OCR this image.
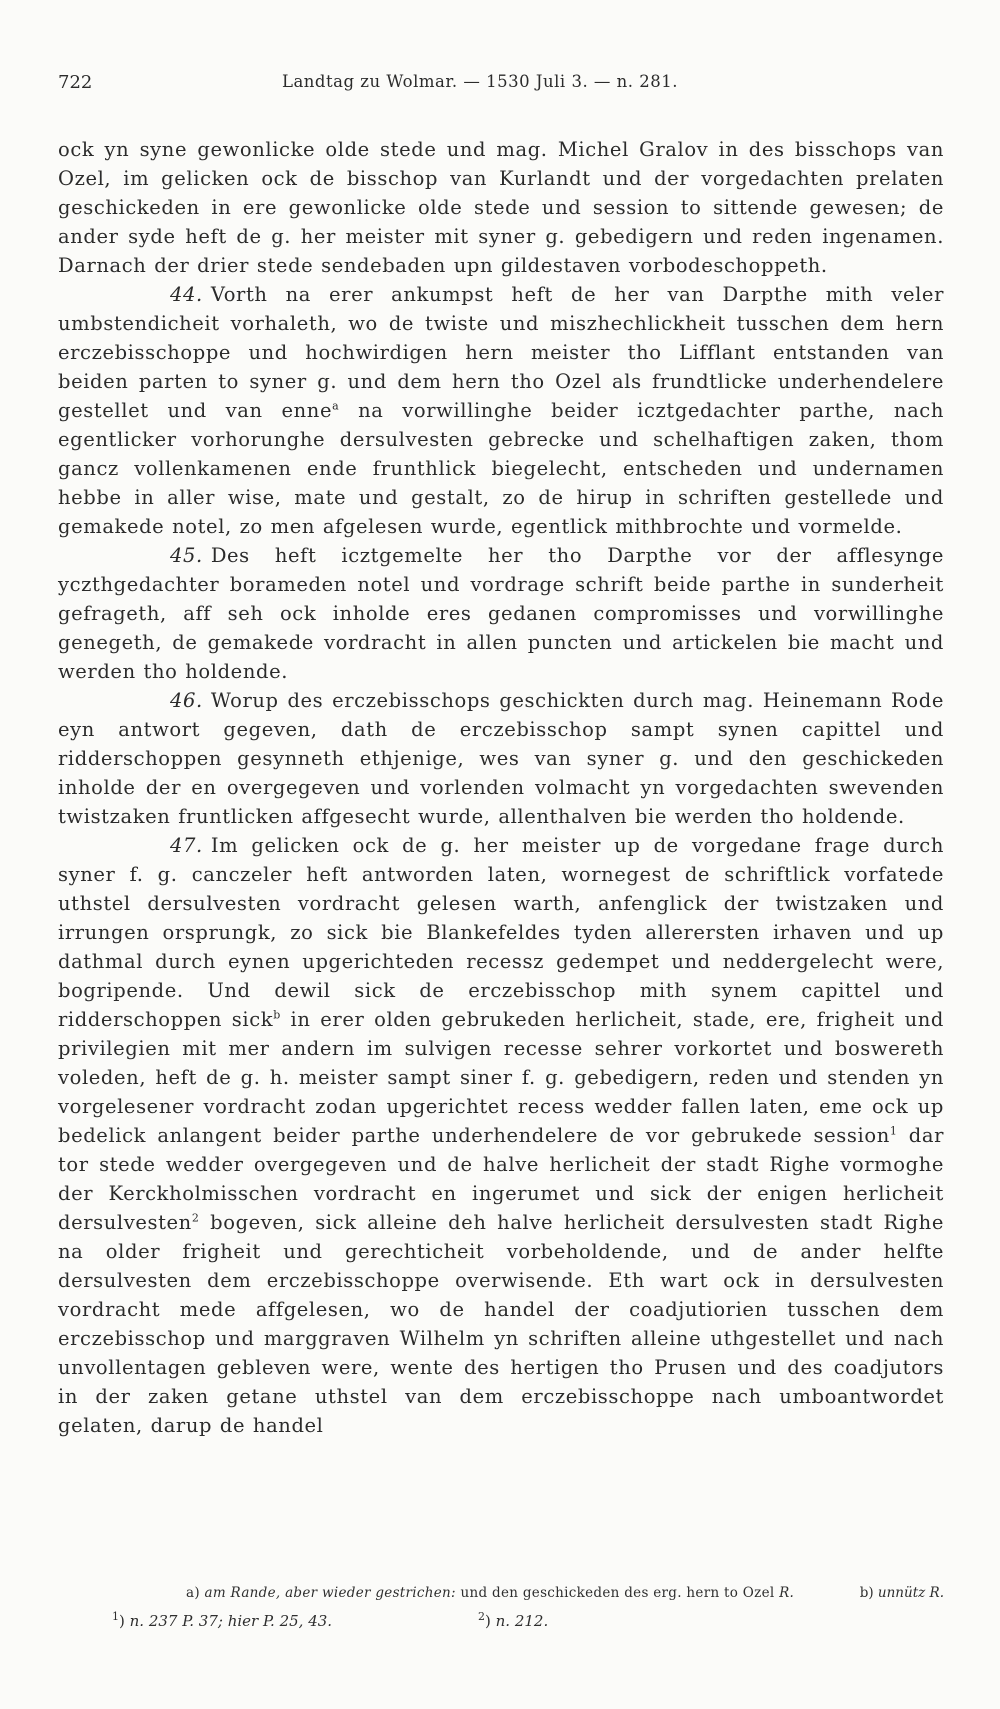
722	Landtag zu Wolmar. — 1530 Juli 3. — n. 281.

ock yn syne gewonlicke olde stede und mag. Michel Gralov in des bisschops van Ozel, im gelicken ock de bisschop van Kurlandt und der vorgedachten prelaten geschickeden in ere gewonlicke olde stede und session to sittende gewesen; de ander syde heft de g. her meister mit syner g. gebedigern und reden ingenamen. Darnach der drier stede sendebaden upn gildestaven vorbodeschoppeth.

44. Vorth na erer ankumpst heft de her van Darpthe mith veler umbstendicheit vorhaleth, wo de twiste und miszhechlickheit tusschen dem hern erczebisschoppe und hochwirdigen hern meister tho Lifflant entstanden van beiden parten to syner g. und dem hern tho Ozel als frundtlicke underhendelere gestellet und van enne$^a$ na vorwillinghe beider icztgedachter parthe, nach egentlicker vorhorunghe dersulvesten gebrecke und schelhaftigen zaken, thom gancz vollenkamenen ende frunthlick biegelecht, entscheden und undernamen hebbe in aller wise, mate und gestalt, zo de hirup in schriften gestellede und gemakede notel, zo men afgelesen wurde, egentlick mithbrochte und vormelde.

45. Des heft icztgemelte her tho Darpthe vor der afflesynge yczthgedachter borameden notel und vordrage schrift beide parthe in sunderheit gefrageth, aff seh ock inholde eres gedanen compromisses und vorwillinghe genegeth, de gemakede vordracht in allen puncten und artickelen bie macht und werden tho holdende.

46. Worup des erczebisschops geschickten durch mag. Heinemann Rode eyn antwort gegeven, dath de erczebisschop sampt synen capittel und ridderschoppen gesynneth ethjenige, wes van syner g. und den geschickeden inholde der en overgegeven und vorlenden volmacht yn vorgedachten swevenden twistzaken fruntlicken affgesecht wurde, allenthalven bie werden tho holdende.

47. Im gelicken ock de g. her meister up de vorgedane frage durch syner f. g. canczeler heft antworden laten, wornegest de schriftlick vorfatede uthstel dersulvesten vordracht gelesen warth, anfenglick der twistzaken und irrungen orsprungk, zo sick bie Blankefeldes tyden allerersten irhaven und up dathmal durch eynen upgerichteden recessz gedempet und neddergelecht were, bogripende. Und dewil sick de erczebisschop mith synem capittel und ridderschoppen sick$^b$ in erer olden gebrukeden herlicheit, stade, ere, frigheit und privilegien mit mer andern im sulvigen recesse sehrer vorkortet und boswereth voleden, heft de g. h. meister sampt siner f. g. gebedigern, reden und stenden yn vorgelesener vordracht zodan upgerichtet recess wedder fallen laten, eme ock up bedelick anlangent beider parthe underhendelere de vor gebrukede session$^1$ dar tor stede wedder overgegeven und de halve herlicheit der stadt Righe vormoghe der Kerckholmisschen vordracht en ingerumet und sick der enigen herlicheit dersulvesten$^2$ bogeven, sick alleine deh halve herlicheit dersulvesten stadt Righe na older frigheit und gerechticheit vorbeholdende, und de ander helfte dersulvesten dem erczebisschoppe overwisende. Eth wart ock in dersulvesten vordracht mede affgelesen, wo de handel der coadjutiorien tusschen dem erczebisschop und marggraven Wilhelm yn schriften alleine uthgestellet und nach unvollentagen gebleven were, wente des hertigen tho Prusen und des coadjutors in der zaken getane uthstel van dem erczebisschoppe nach umboantwordet gelaten, darup de handel

a) am Rande, aber wieder gestrichen: und den geschickeden des erg. hern to Ozel R.	b) unnütz R.
$^1$) n. 237 P. 37; hier P. 25, 43.	$^2$) n. 212.
